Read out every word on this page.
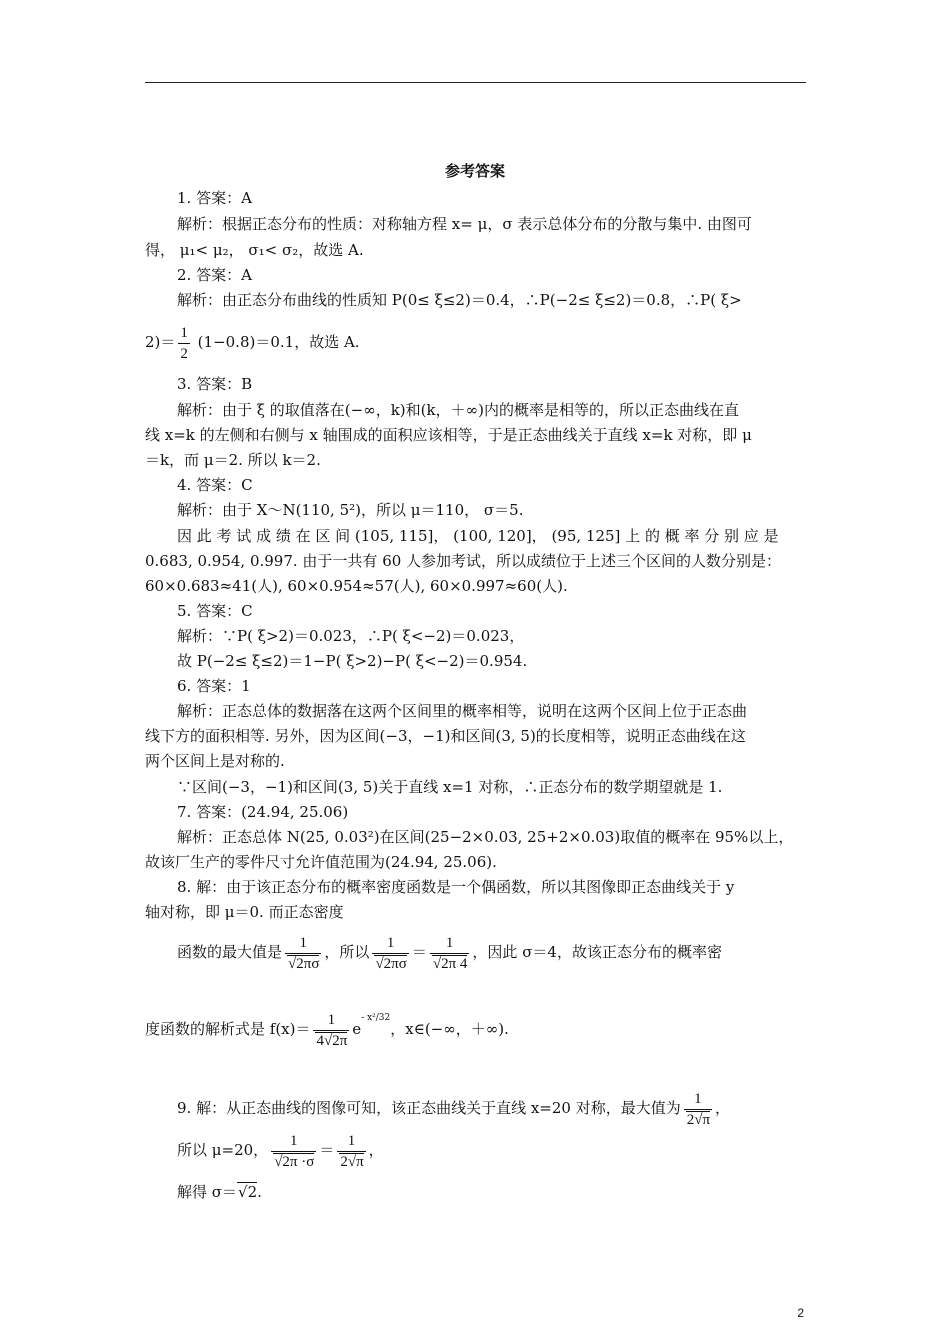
参考答案
1. 答案：A
解析：根据正态分布的性质：对称轴方程 x= μ，σ 表示总体分布的分散与集中. 由图可
得， μ₁< μ₂， σ₁< σ₂，故选 A.
2. 答案：A
解析：由正态分布曲线的性质知 P(0≤ ξ≤2)＝0.4，∴P(−2≤ ξ≤2)＝0.8，∴P( ξ>
$2)= \frac{1}{2} (1-0.8)=0.1$，故选 A.
3. 答案：B
解析：由于 ξ 的取值落在(−∞，k)和(k，＋∞)内的概率是相等的，所以正态曲线在直
线 x=k 的左侧和右侧与 x 轴围成的面积应该相等，于是正态曲线关于直线 x=k 对称，即 μ
＝k，而 μ＝2. 所以 k＝2.
4. 答案：C
解析：由于 X～N(110, 5²)，所以 μ＝110， σ＝5.
因 此 考 试 成 绩 在 区 间 (105, 115]， (100, 120]， (95, 125] 上 的 概 率 分 别 应 是
0.683, 0.954, 0.997. 由于一共有 60 人参加考试，所以成绩位于上述三个区间的人数分别是：
60×0.683≈41(人), 60×0.954≈57(人), 60×0.997≈60(人).
5. 答案：C
解析：∵P( ξ>2)＝0.023，∴P( ξ<−2)＝0.023，
故 P(−2≤ ξ≤2)＝1−P( ξ>2)−P( ξ<−2)＝0.954.
6. 答案：1
解析：正态总体的数据落在这两个区间里的概率相等，说明在这两个区间上位于正态曲
线下方的面积相等. 另外，因为区间(−3，−1)和区间(3, 5)的长度相等，说明正态曲线在这
两个区间上是对称的.
∵区间(−3，−1)和区间(3, 5)关于直线 x=1 对称，∴正态分布的数学期望就是 1.
7. 答案：(24.94, 25.06)
解析：正态总体 N(25, 0.03²)在区间(25−2×0.03, 25+2×0.03)取值的概率在 95%以上，
故该厂生产的零件尺寸允许值范围为(24.94, 25.06).
8. 解：由于该正态分布的概率密度函数是一个偶函数，所以其图像即正态曲线关于 y
轴对称，即 μ＝0. 而正态密度
函数的最大值是 $\frac{1}{√2\pi\sigma}$ ，所以 $\frac{1}{√2\pi\sigma} = \frac{1}{√2\pi 4}$ ，因此 σ＝4，故该正态分布的概率密
度函数的解析式是 $f(x)= \frac{1}{4√2\pi} e^{- x^2/32}$，x∈(−∞，＋∞).
9. 解：从正态曲线的图像可知，该正态曲线关于直线 x=20 对称，最大值为 $\frac{1}{2√\pi}$ ，
所以 μ=20， $\frac{1}{√2\pi \cdot\sigma} = \frac{1}{2√\pi}$ ，
解得 σ＝√2.
2
